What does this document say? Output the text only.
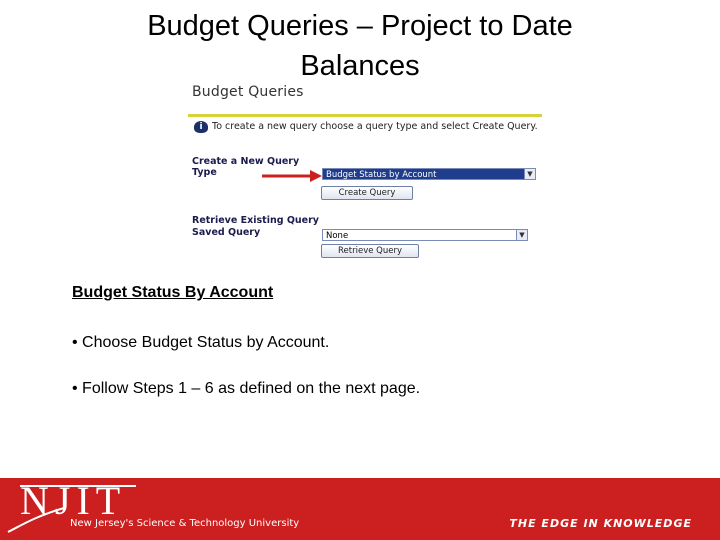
Budget Queries – Project to Date
Balances
Budget Queries
i To create a new query choose a query type and select Create Query.
Create a New Query
Type	Budget Status by Account	▼
Create Query
Retrieve Existing Query
Saved Query	None	▼
Retrieve Query
Budget Status By Account
• Choose Budget Status by Account.
• Follow Steps 1 – 6 as defined on the next page.
NJIT
New Jersey's Science & Technology University	THE EDGE IN KNOWLEDGE
